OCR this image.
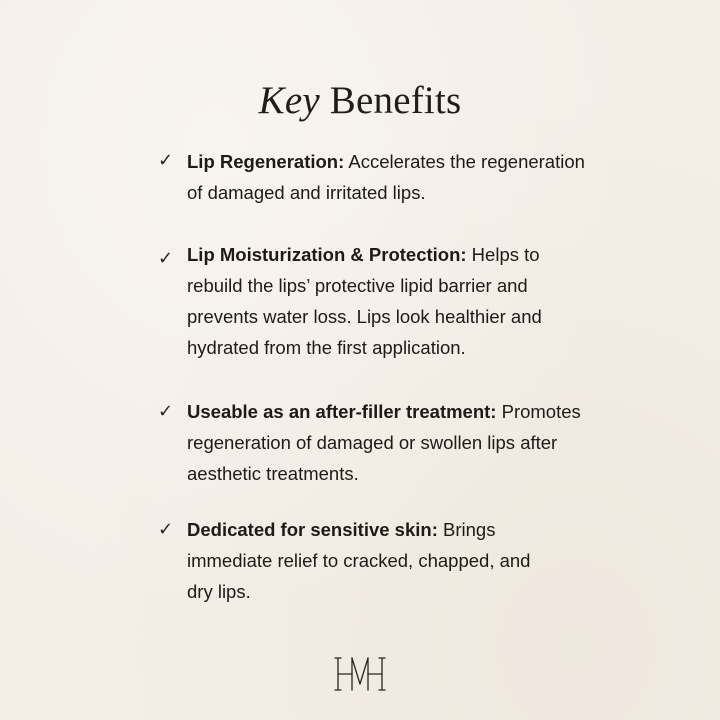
Key Benefits
✓ Lip Regeneration: Accelerates the regeneration of damaged and irritated lips.
✓ Lip Moisturization & Protection: Helps to rebuild the lips’ protective lipid barrier and prevents water loss. Lips look healthier and hydrated from the first application.
✓ Useable as an after-filler treatment: Promotes regeneration of damaged or swollen lips after aesthetic treatments.
✓ Dedicated for sensitive skin: Brings immediate relief to cracked, chapped, and dry lips.
